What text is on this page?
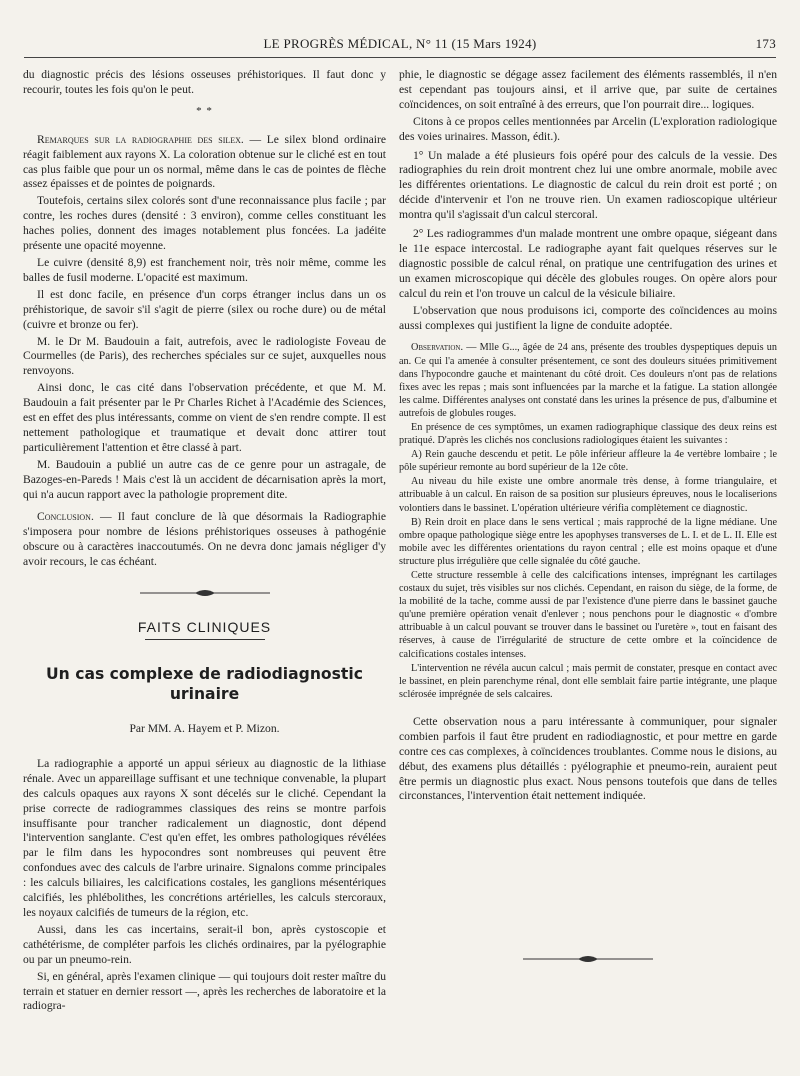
LE PROGRÈS MÉDICAL, N° 11 (15 Mars 1924)	173

du diagnostic précis des lésions osseuses préhistoriques. Il faut donc y recourir, toutes les fois qu'on le peut.

* *

Remarques sur la radiographie des silex. — Le silex blond ordinaire réagit faiblement aux rayons X. La coloration obtenue sur le cliché est en tout cas plus faible que pour un os normal, même dans le cas de pointes de flèche assez épaisses et de pointes de poignards.

Toutefois, certains silex colorés sont d'une reconnaissance plus facile ; par contre, les roches dures (densité : 3 environ), comme celles constituant les haches polies, donnent des images notablement plus foncées. La jadéite présente une opacité moyenne.

Le cuivre (densité 8,9) est franchement noir, très noir même, comme les balles de fusil moderne. L'opacité est maximum.

Il est donc facile, en présence d'un corps étranger inclus dans un os préhistorique, de savoir s'il s'agit de pierre (silex ou roche dure) ou de métal (cuivre et bronze ou fer).

M. le Dr M. Baudouin a fait, autrefois, avec le radiologiste Foveau de Courmelles (de Paris), des recherches spéciales sur ce sujet, auxquelles nous renvoyons.

Ainsi donc, le cas cité dans l'observation précédente, et que M. M. Baudouin a fait présenter par le Pr Charles Richet à l'Académie des Sciences, est en effet des plus intéressants, comme on vient de s'en rendre compte. Il est nettement pathologique et traumatique et devait donc attirer tout particulièrement l'attention et être classé à part.

M. Baudouin a publié un autre cas de ce genre pour un astragale, de Bazoges-en-Pareds ! Mais c'est là un accident de décarnisation après la mort, qui n'a aucun rapport avec la pathologie proprement dite.

Conclusion. — Il faut conclure de là que désormais la Radiographie s'imposera pour nombre de lésions préhistoriques osseuses à pathogénie obscure ou à caractères inaccoutumés. On ne devra donc jamais négliger d'y avoir recours, le cas échéant.

FAITS CLINIQUES
Un cas complexe de radiodiagnostic urinaire
Par MM. A. Hayem et P. Mizon.

La radiographie a apporté un appui sérieux au diagnostic de la lithiase rénale. Avec un appareillage suffisant et une technique convenable, la plupart des calculs opaques aux rayons X sont décelés sur le cliché. Cependant la prise correcte de radiogrammes classiques des reins se montre parfois insuffisante pour trancher radicalement un diagnostic, dont dépend l'intervention sanglante. C'est qu'en effet, les ombres pathologiques révélées par le film dans les hypocondres sont nombreuses qui peuvent être confondues avec des calculs de l'arbre urinaire. Signalons comme principales : les calculs biliaires, les calcifications costales, les ganglions mésentériques calcifiés, les phlébolithes, les concrétions artérielles, les calculs stercoraux, les noyaux calcifiés de tumeurs de la région, etc.

Aussi, dans les cas incertains, serait-il bon, après cystoscopie et cathétérisme, de compléter parfois les clichés ordinaires, par la pyélographie ou par un pneumo-rein.

Si, en général, après l'examen clinique — qui toujours doit rester maître du terrain et statuer en dernier ressort —, après les recherches de laboratoire et la radiogra-

phie, le diagnostic se dégage assez facilement des éléments rassemblés, il n'en est cependant pas toujours ainsi, et il arrive que, par suite de certaines coïncidences, on soit entraîné à des erreurs, que l'on pourrait dire... logiques.

Citons à ce propos celles mentionnées par Arcelin (L'exploration radiologique des voies urinaires. Masson, édit.).

1° Un malade a été plusieurs fois opéré pour des calculs de la vessie. Des radiographies du rein droit montrent chez lui une ombre anormale, mobile avec les différentes orientations. Le diagnostic de calcul du rein droit est porté ; on décide d'intervenir et l'on ne trouve rien. Un examen radioscopique ultérieur montra qu'il s'agissait d'un calcul stercoral.

2° Les radiogrammes d'un malade montrent une ombre opaque, siégeant dans le 11e espace intercostal. Le radiographe ayant fait quelques réserves sur le diagnostic possible de calcul rénal, on pratique une centrifugation des urines et un examen microscopique qui décèle des globules rouges. On opère alors pour calcul du rein et l'on trouve un calcul de la vésicule biliaire.

L'observation que nous produisons ici, comporte des coïncidences au moins aussi complexes qui justifient la ligne de conduite adoptée.

Observation. — Mlle G..., âgée de 24 ans, présente des troubles dyspeptiques depuis un an. Ce qui l'a amenée à consulter présentement, ce sont des douleurs situées primitivement dans l'hypocondre gauche et maintenant du côté droit. Ces douleurs n'ont pas de relations fixes avec les repas ; mais sont influencées par la marche et la fatigue. La station allongée les calme. Différentes analyses ont constaté dans les urines la présence de pus, d'albumine et autrefois de globules rouges.

En présence de ces symptômes, un examen radiographique classique des deux reins est pratiqué. D'après les clichés nos conclusions radiologiques étaient les suivantes :

A) Rein gauche descendu et petit. Le pôle inférieur affleure la 4e vertèbre lombaire ; le pôle supérieur remonte au bord supérieur de la 12e côte.

Au niveau du hile existe une ombre anormale très dense, à forme triangulaire, et attribuable à un calcul. En raison de sa position sur plusieurs épreuves, nous le localiserions volontiers dans le bassinet. L'opération ultérieure vérifia complètement ce diagnostic.

B) Rein droit en place dans le sens vertical ; mais rapproché de la ligne médiane. Une ombre opaque pathologique siège entre les apophyses transverses de L. I. et de L. II. Elle est mobile avec les différentes orientations du rayon central ; elle est moins opaque et d'une structure plus irrégulière que celle signalée du côté gauche.

Cette structure ressemble à celle des calcifications intenses, imprégnant les cartilages costaux du sujet, très visibles sur nos clichés. Cependant, en raison du siège, de la forme, de la mobilité de la tache, comme aussi de par l'existence d'une pierre dans le bassinet gauche qu'une première opération venait d'enlever ; nous penchons pour le diagnostic « d'ombre attribuable à un calcul pouvant se trouver dans le bassinet ou l'uretère », tout en faisant des réserves, à cause de l'irrégularité de structure de cette ombre et la coïncidence de calcifications costales intenses.

L'intervention ne révéla aucun calcul ; mais permit de constater, presque en contact avec le bassinet, en plein parenchyme rénal, dont elle semblait faire partie intégrante, une plaque sclérosée imprégnée de sels calcaires.

Cette observation nous a paru intéressante à communiquer, pour signaler combien parfois il faut être prudent en radiodiagnostic, et pour mettre en garde contre ces cas complexes, à coïncidences troublantes. Comme nous le disions, au début, des examens plus détaillés : pyélographie et pneumo-rein, auraient peut être permis un diagnostic plus exact. Nous pensons toutefois que dans de telles circonstances, l'intervention était nettement indiquée.
